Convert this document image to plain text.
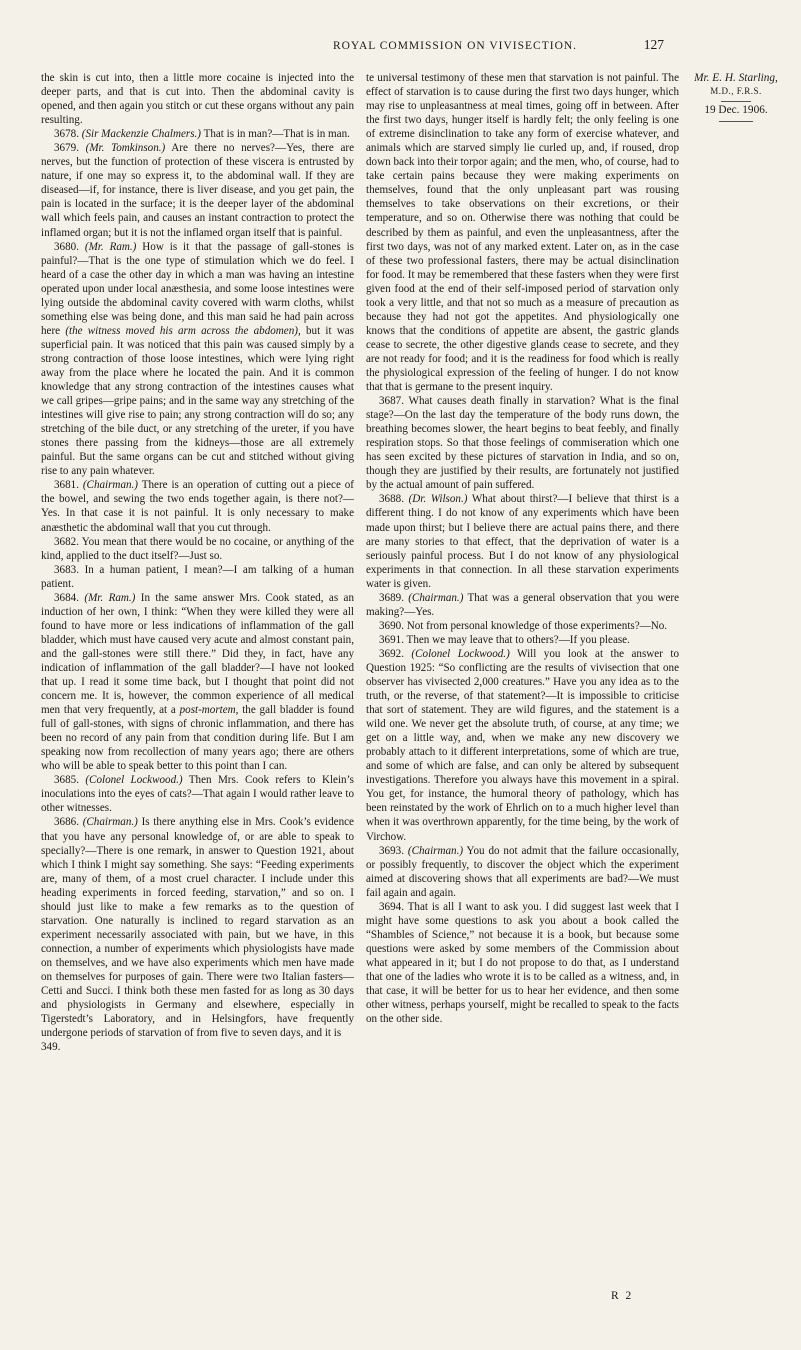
ROYAL COMMISSION ON VIVISECTION.	127
Mr. E. H. Starling,
M.D., F.R.S.
19 Dec. 1906.

the skin is cut into, then a little more cocaine is injected into the deeper parts, and that is cut into. Then the abdominal cavity is opened, and then again you stitch or cut these organs without any pain resulting.

3678. (Sir Mackenzie Chalmers.) That is in man?—That is in man.

3679. (Mr. Tomkinson.) Are there no nerves?—Yes, there are nerves, but the function of protection of these viscera is entrusted by nature, if one may so express it, to the abdominal wall. If they are diseased—if, for instance, there is liver disease, and you get pain, the pain is located in the surface; it is the deeper layer of the abdominal wall which feels pain, and causes an instant contraction to protect the inflamed organ; but it is not the inflamed organ itself that is painful.

3680. (Mr. Ram.) How is it that the passage of gall-stones is painful?—That is the one type of stimulation which we do feel. I heard of a case the other day in which a man was having an intestine operated upon under local anæsthesia, and some loose intestines were lying outside the abdominal cavity covered with warm cloths, whilst something else was being done, and this man said he had pain across here (the witness moved his arm across the abdomen), but it was superficial pain. It was noticed that this pain was caused simply by a strong contraction of those loose intestines, which were lying right away from the place where he located the pain. And it is common knowledge that any strong contraction of the intestines causes what we call gripes—gripe pains; and in the same way any stretching of the intestines will give rise to pain; any strong contraction will do so; any stretching of the bile duct, or any stretching of the ureter, if you have stones there passing from the kidneys—those are all extremely painful. But the same organs can be cut and stitched without giving rise to any pain whatever.

3681. (Chairman.) There is an operation of cutting out a piece of the bowel, and sewing the two ends together again, is there not?—Yes. In that case it is not painful. It is only necessary to make anæsthetic the abdominal wall that you cut through.

3682. You mean that there would be no cocaine, or anything of the kind, applied to the duct itself?—Just so.

3683. In a human patient, I mean?—I am talking of a human patient.

3684. (Mr. Ram.) In the same answer Mrs. Cook stated, as an induction of her own, I think: “When they were killed they were all found to have more or less indications of inflammation of the gall bladder, which must have caused very acute and almost constant pain, and the gall-stones were still there.” Did they, in fact, have any indication of inflammation of the gall bladder?—I have not looked that up. I read it some time back, but I thought that point did not concern me. It is, however, the common experience of all medical men that very frequently, at a post-mortem, the gall bladder is found full of gall-stones, with signs of chronic inflammation, and there has been no record of any pain from that condition during life. But I am speaking now from recollection of many years ago; there are others who will be able to speak better to this point than I can.

3685. (Colonel Lockwood.) Then Mrs. Cook refers to Klein’s inoculations into the eyes of cats?—That again I would rather leave to other witnesses.

3686. (Chairman.) Is there anything else in Mrs. Cook’s evidence that you have any personal knowledge of, or are able to speak to specially?—There is one remark, in answer to Question 1921, about which I think I might say something. She says: “Feeding experiments are, many of them, of a most cruel character. I include under this heading experiments in forced feeding, starvation,” and so on. I should just like to make a few remarks as to the question of starvation. One naturally is inclined to regard starvation as an experiment necessarily associated with pain, but we have, in this connection, a number of experiments which physiologists have made on themselves, and we have also experiments which men have made on themselves for purposes of gain. There were two Italian fasters—Cetti and Succi. I think both these men fasted for as long as 30 days and physiologists in Germany and elsewhere, especially in Tigerstedt’s Laboratory, and in Helsingfors, have frequently undergone periods of starvation of from five to seven days, and it is

349.

te universal testimony of these men that starvation is not painful. The effect of starvation is to cause during the first two days hunger, which may rise to unpleasantness at meal times, going off in between. After the first two days, hunger itself is hardly felt; the only feeling is one of extreme disinclination to take any form of exercise whatever, and animals which are starved simply lie curled up, and, if roused, drop down back into their torpor again; and the men, who, of course, had to take certain pains because they were making experiments on themselves, found that the only unpleasant part was rousing themselves to take observations on their excretions, or their temperature, and so on. Otherwise there was nothing that could be described by them as painful, and even the unpleasantness, after the first two days, was not of any marked extent. Later on, as in the case of these two professional fasters, there may be actual disinclination for food. It may be remembered that these fasters when they were first given food at the end of their self-imposed period of starvation only took a very little, and that not so much as a measure of precaution as because they had not got the appetites. And physiologically one knows that the conditions of appetite are absent, the gastric glands cease to secrete, the other digestive glands cease to secrete, and they are not ready for food; and it is the readiness for food which is really the physiological expression of the feeling of hunger. I do not know that that is germane to the present inquiry.

3687. What causes death finally in starvation? What is the final stage?—On the last day the temperature of the body runs down, the breathing becomes slower, the heart begins to beat feebly, and finally respiration stops. So that those feelings of commiseration which one has seen excited by these pictures of starvation in India, and so on, though they are justified by their results, are fortunately not justified by the actual amount of pain suffered.

3688. (Dr. Wilson.) What about thirst?—I believe that thirst is a different thing. I do not know of any experiments which have been made upon thirst; but I believe there are actual pains there, and there are many stories to that effect, that the deprivation of water is a seriously painful process. But I do not know of any physiological experiments in that connection. In all these starvation experiments water is given.

3689. (Chairman.) That was a general observation that you were making?—Yes.

3690. Not from personal knowledge of those experiments?—No.

3691. Then we may leave that to others?—If you please.

3692. (Colonel Lockwood.) Will you look at the answer to Question 1925: “So conflicting are the results of vivisection that one observer has vivisected 2,000 creatures.” Have you any idea as to the truth, or the reverse, of that statement?—It is impossible to criticise that sort of statement. They are wild figures, and the statement is a wild one. We never get the absolute truth, of course, at any time; we get on a little way, and, when we make any new discovery we probably attach to it different interpretations, some of which are true, and some of which are false, and can only be altered by subsequent investigations. Therefore you always have this movement in a spiral. You get, for instance, the humoral theory of pathology, which has been reinstated by the work of Ehrlich on to a much higher level than when it was overthrown apparently, for the time being, by the work of Virchow.

3693. (Chairman.) You do not admit that the failure occasionally, or possibly frequently, to discover the object which the experiment aimed at discovering shows that all experiments are bad?—We must fail again and again.

3694. That is all I want to ask you. I did suggest last week that I might have some questions to ask you about a book called the “Shambles of Science,” not because it is a book, but because some questions were asked by some members of the Commission about what appeared in it; but I do not propose to do that, as I understand that one of the ladies who wrote it is to be called as a witness, and, in that case, it will be better for us to hear her evidence, and then some other witness, perhaps yourself, might be recalled to speak to the facts on the other side.

R 2
